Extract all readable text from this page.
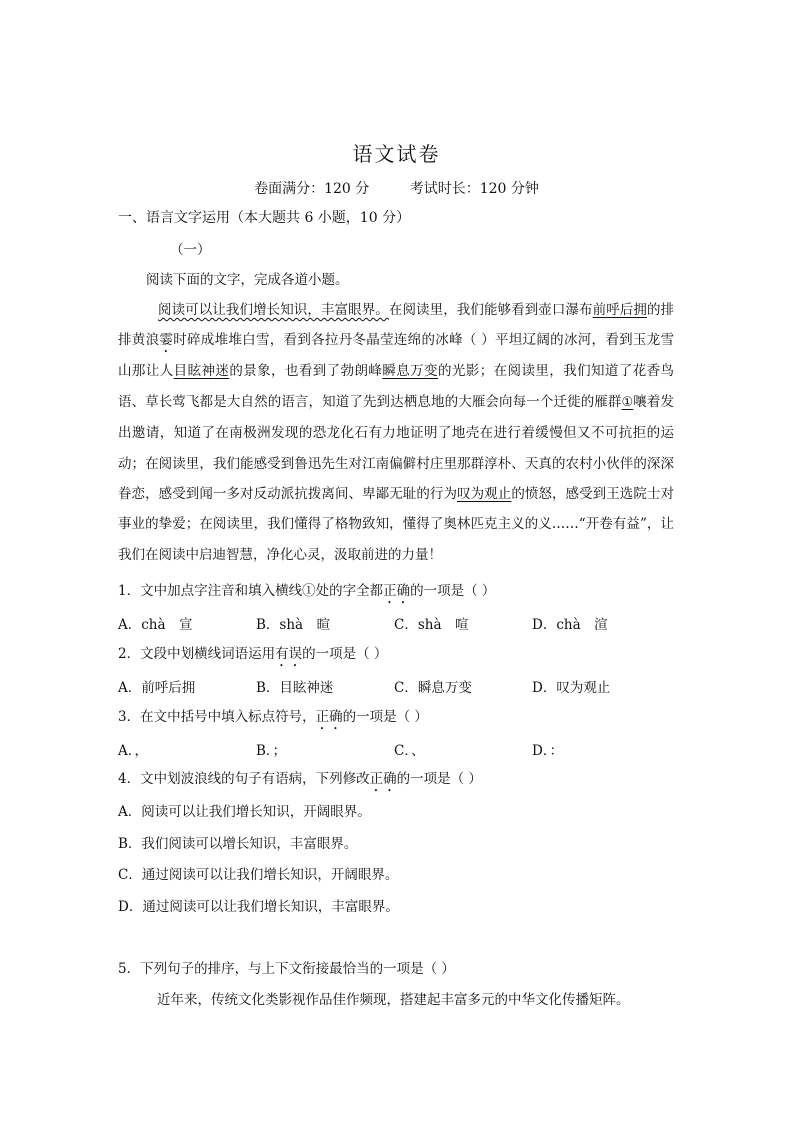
语文试卷
卷面满分：120 分	考试时长：120 分钟
一、语言文字运用（本大题共 6 小题，10 分）
（一）
阅读下面的文字，完成各道小题。
阅读可以让我们增长知识，丰富眼界。在阅读里，我们能够看到壶口瀑布前呼后拥的排排黄浪霎时碎成堆堆白雪，看到各拉丹冬晶莹连绵的冰峰（ ）平坦辽阔的冰河，看到玉龙雪山那让人目眩神迷的景象，也看到了勃朗峰瞬息万变的光影；在阅读里，我们知道了花香鸟语、草长莺飞都是大自然的语言，知道了先到达栖息地的大雁会向每一个迁徙的雁群①嚷着发出邀请，知道了在南极洲发现的恐龙化石有力地证明了地壳在进行着缓慢但又不可抗拒的运动；在阅读里，我们能感受到鲁迅先生对江南偏僻村庄里那群淳朴、天真的农村小伙伴的深深眷恋，感受到闻一多对反动派抗拨离间、卑鄙无耻的行为叹为观止的愤怒，感受到王选院士对事业的挚爱；在阅读里，我们懂得了格物致知，懂得了奥林匹克主义的义……“开卷有益”，让我们在阅读中启迪智慧，净化心灵，汲取前进的力量！
1．文中加点字注音和填入横线①处的字全都正确的一项是（ ）
A．chà　宣	B．shà　暄	C．shà　喧	D．chà　渲
2．文段中划横线词语运用有误的一项是（ ）
A．前呼后拥	B．目眩神迷	C．瞬息万变	D．叹为观止
3．在文中括号中填入标点符号，正确的一项是（ ）
A．，	B．；	C．、	D．：
4．文中划波浪线的句子有语病，下列修改正确的一项是（ ）
A．阅读可以让我们增长知识，开阔眼界。
B．我们阅读可以增长知识，丰富眼界。
C．通过阅读可以让我们增长知识，开阔眼界。
D．通过阅读可以让我们增长知识，丰富眼界。
5．下列句子的排序，与上下文衔接最恰当的一项是（ ）
近年来，传统文化类影视作品佳作频现，搭建起丰富多元的中华文化传播矩阵。
